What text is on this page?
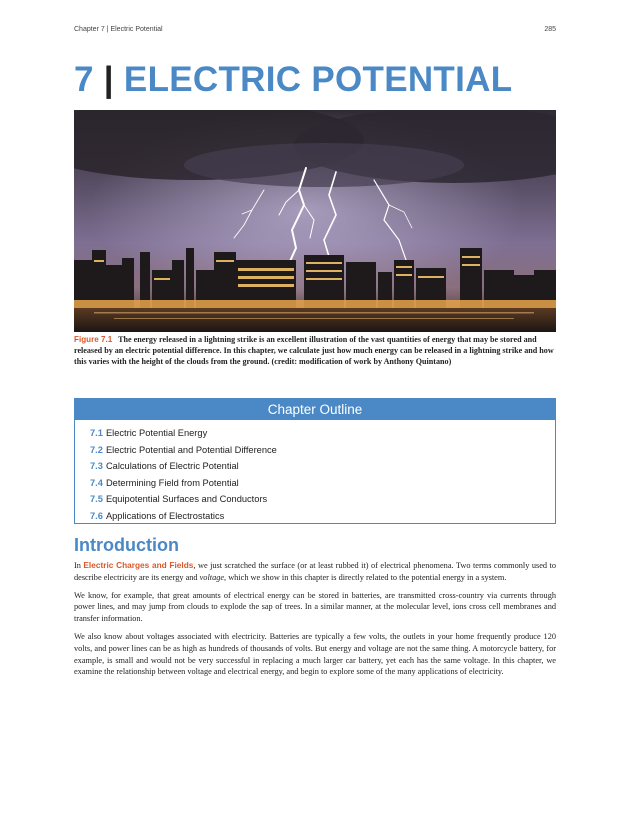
Chapter 7 | Electric Potential	285
7 | ELECTRIC POTENTIAL
Figure 7.1 The energy released in a lightning strike is an excellent illustration of the vast quantities of energy that may be stored and released by an electric potential difference. In this chapter, we calculate just how much energy can be released in a lightning strike and how this varies with the height of the clouds from the ground. (credit: modification of work by Anthony Quintano)
Chapter Outline
7.1 Electric Potential Energy
7.2 Electric Potential and Potential Difference
7.3 Calculations of Electric Potential
7.4 Determining Field from Potential
7.5 Equipotential Surfaces and Conductors
7.6 Applications of Electrostatics
Introduction

In Electric Charges and Fields, we just scratched the surface (or at least rubbed it) of electrical phenomena. Two terms commonly used to describe electricity are its energy and voltage, which we show in this chapter is directly related to the potential energy in a system.

We know, for example, that great amounts of electrical energy can be stored in batteries, are transmitted cross-country via currents through power lines, and may jump from clouds to explode the sap of trees. In a similar manner, at the molecular level, ions cross cell membranes and transfer information.

We also know about voltages associated with electricity. Batteries are typically a few volts, the outlets in your home frequently produce 120 volts, and power lines can be as high as hundreds of thousands of volts. But energy and voltage are not the same thing. A motorcycle battery, for example, is small and would not be very successful in replacing a much larger car battery, yet each has the same voltage. In this chapter, we examine the relationship between voltage and electrical energy, and begin to explore some of the many applications of electricity.
